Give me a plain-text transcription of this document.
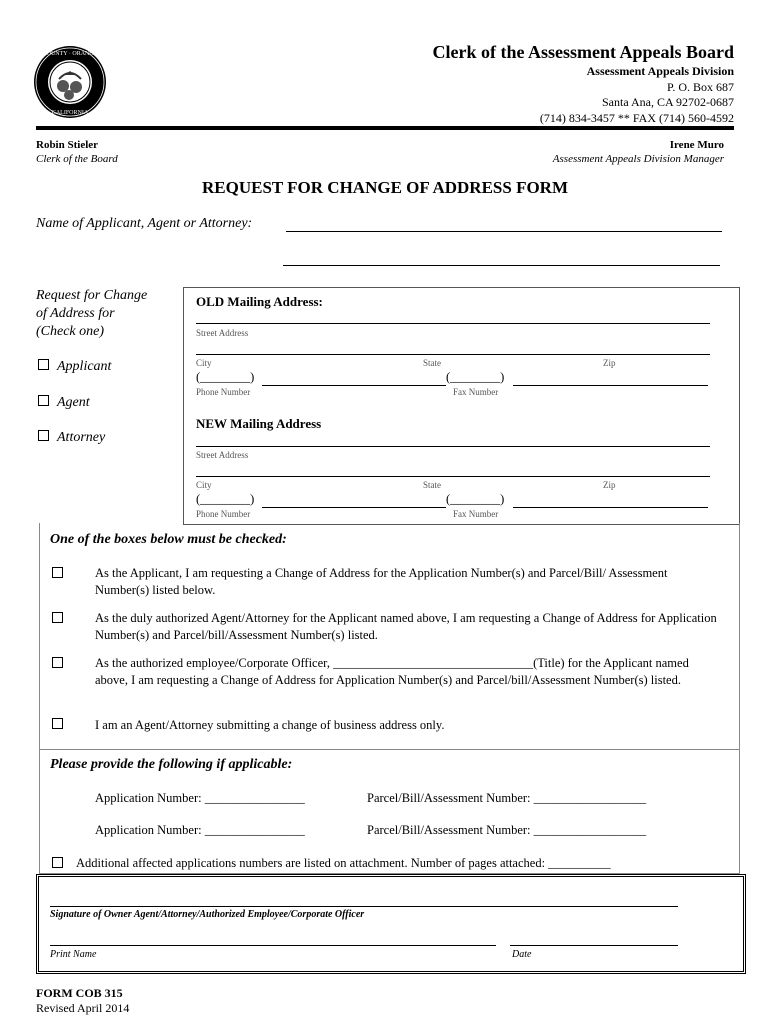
COUNTY · ORANGE
CALIFORNIA
Clerk of the Assessment Appeals Board
Assessment Appeals Division
P. O. Box 687
Santa Ana, CA 92702-0687
(714) 834-3457 ** FAX (714) 560-4592
Robin Stieler
Clerk of the Board
Irene Muro
Assessment Appeals Division Manager
REQUEST FOR CHANGE OF ADDRESS FORM
Name of Applicant, Agent or Attorney:
Request for Change
of Address for
(Check one)
Applicant
Agent
Attorney
OLD Mailing Address:
Street Address
City	State	Zip
(________)	(________)
Phone Number	Fax Number
NEW Mailing Address
Street Address
City	State	Zip
(________)	(________)
Phone Number	Fax Number
One of the boxes below must be checked:
As the Applicant, I am requesting a Change of Address for the Application Number(s) and Parcel/Bill/ Assessment Number(s) listed below.
As the duly authorized Agent/Attorney for the Applicant named above, I am requesting a Change of Address for Application Number(s) and Parcel/bill/Assessment Number(s) listed.
As the authorized employee/Corporate Officer, ________________________________(Title) for the Applicant named above, I am requesting a Change of Address for Application Number(s) and Parcel/bill/Assessment Number(s) listed.
I am an Agent/Attorney submitting a change of business address only.
Please provide the following if applicable:
Application Number: ________________	Parcel/Bill/Assessment Number: __________________
Application Number: ________________	Parcel/Bill/Assessment Number: __________________
Additional affected applications numbers are listed on attachment. Number of pages attached: __________
Signature of Owner Agent/Attorney/Authorized Employee/Corporate Officer
Print Name	Date
FORM COB 315
Revised April 2014
